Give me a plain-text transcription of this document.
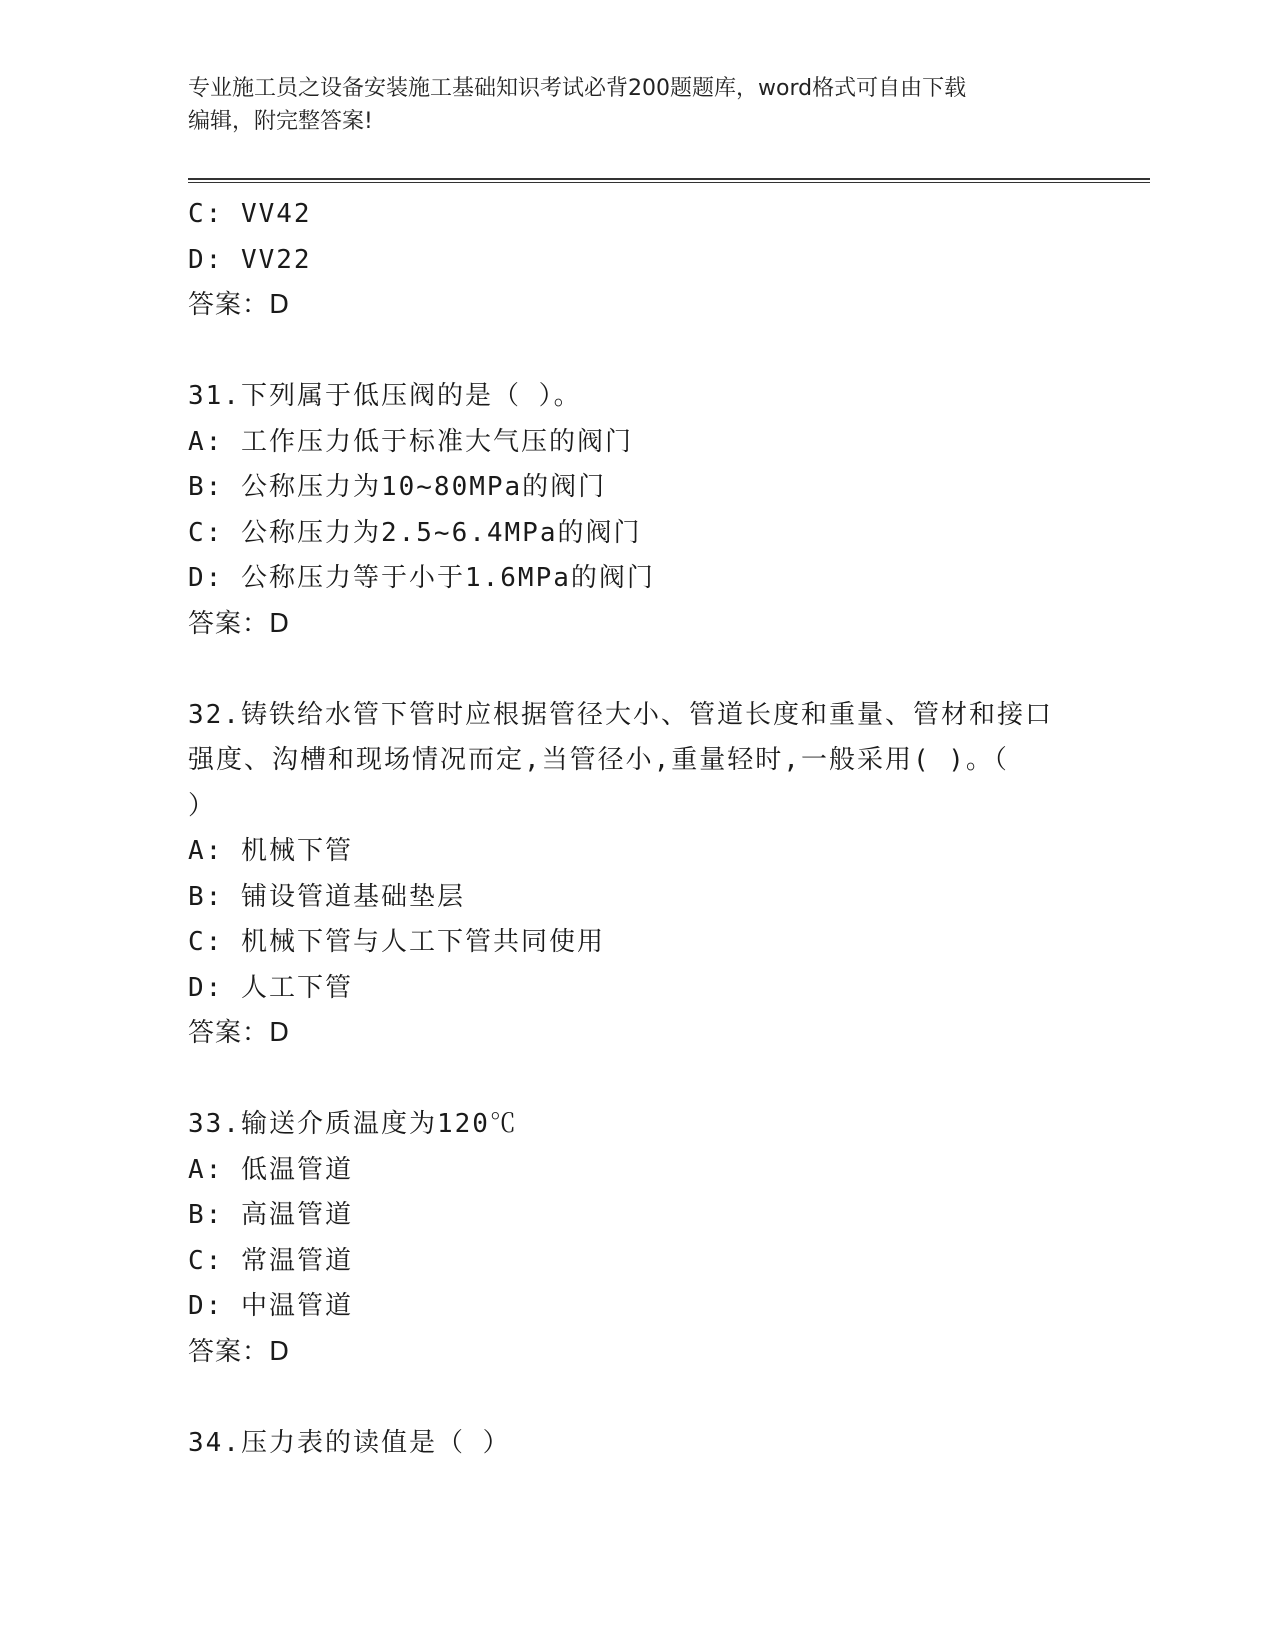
专业施工员之设备安装施工基础知识考试必背200题题库，word格式可自由下载
编辑，附完整答案!
C: VV42
D: VV22
答案：D
31.下列属于低压阀的是（ ）。
A: 工作压力低于标准大气压的阀门
B: 公称压力为10~80MPa的阀门
C: 公称压力为2.5~6.4MPa的阀门
D: 公称压力等于小于1.6MPa的阀门
答案：D
32.铸铁给水管下管时应根据管径大小、管道长度和重量、管材和接口
强度、沟槽和现场情况而定,当管径小,重量轻时,一般采用( )。（
）
A: 机械下管
B: 铺设管道基础垫层
C: 机械下管与人工下管共同使用
D: 人工下管
答案：D
33.输送介质温度为120℃
A: 低温管道
B: 高温管道
C: 常温管道
D: 中温管道
答案：D
34.压力表的读值是（ ）
